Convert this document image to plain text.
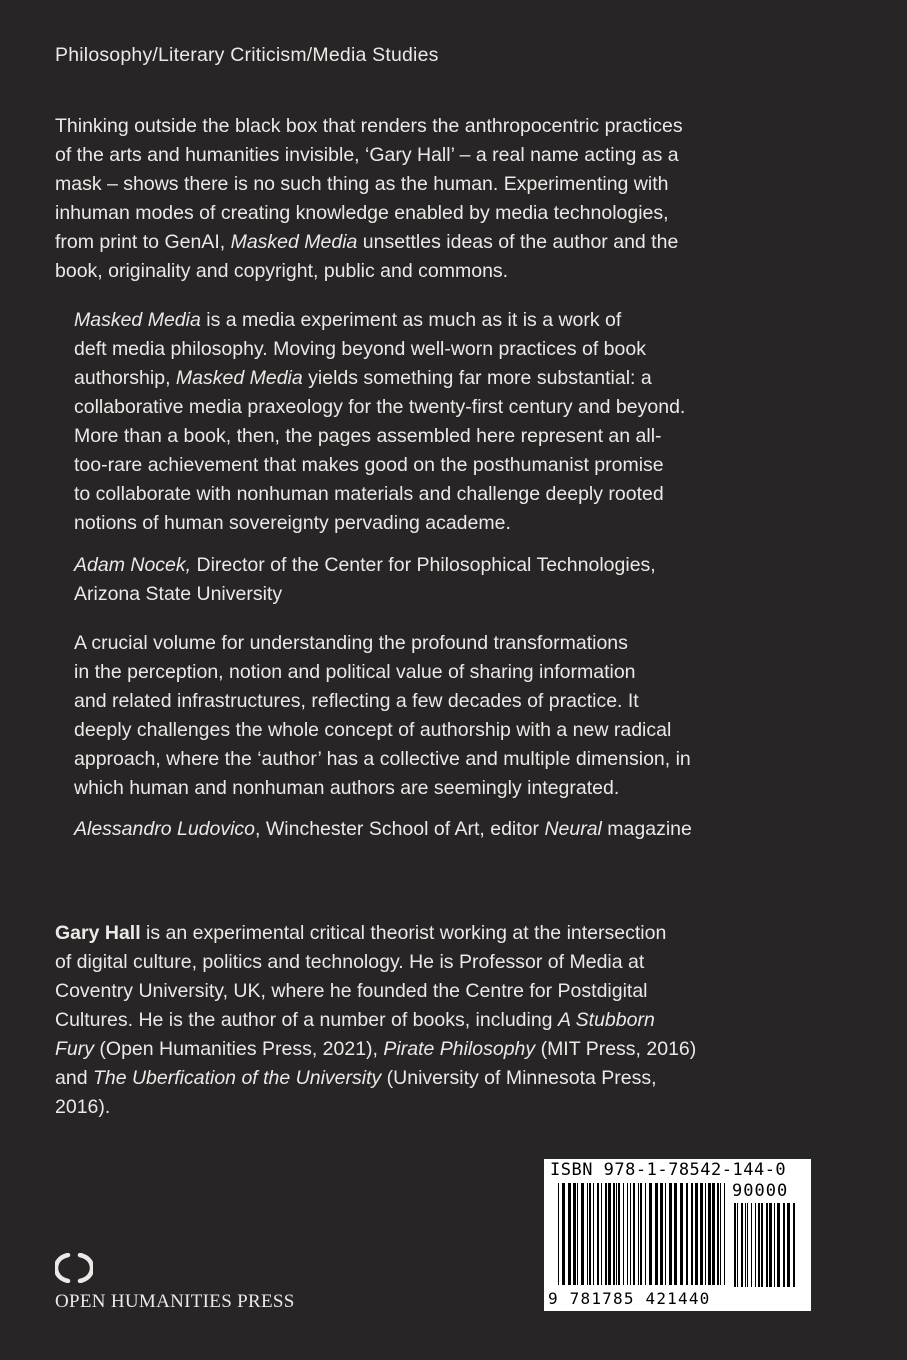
Philosophy/Literary Criticism/Media Studies
Thinking outside the black box that renders the anthropocentric practices
of the arts and humanities invisible, ‘Gary Hall’ – a real name acting as a
mask – shows there is no such thing as the human. Experimenting with
inhuman modes of creating knowledge enabled by media technologies,
from print to GenAI, Masked Media unsettles ideas of the author and the
book, originality and copyright, public and commons.
Masked Media is a media experiment as much as it is a work of
deft media philosophy. Moving beyond well-worn practices of book
authorship, Masked Media yields something far more substantial: a
collaborative media praxeology for the twenty-first century and beyond.
More than a book, then, the pages assembled here represent an all-
too-rare achievement that makes good on the posthumanist promise
to collaborate with nonhuman materials and challenge deeply rooted
notions of human sovereignty pervading academe.
Adam Nocek, Director of the Center for Philosophical Technologies,
Arizona State University
A crucial volume for understanding the profound transformations
in the perception, notion and political value of sharing information
and related infrastructures, reflecting a few decades of practice. It
deeply challenges the whole concept of authorship with a new radical
approach, where the ‘author’ has a collective and multiple dimension, in
which human and nonhuman authors are seemingly integrated.
Alessandro Ludovico, Winchester School of Art, editor Neural magazine
Gary Hall is an experimental critical theorist working at the intersection
of digital culture, politics and technology. He is Professor of Media at
Coventry University, UK, where he founded the Centre for Postdigital
Cultures. He is the author of a number of books, including A Stubborn
Fury (Open Humanities Press, 2021), Pirate Philosophy (MIT Press, 2016)
and The Uberfication of the University (University of Minnesota Press,
2016).
OPEN HUMANITIES PRESS
ISBN 978-1-78542-144-0
90000
9 781785 421440
